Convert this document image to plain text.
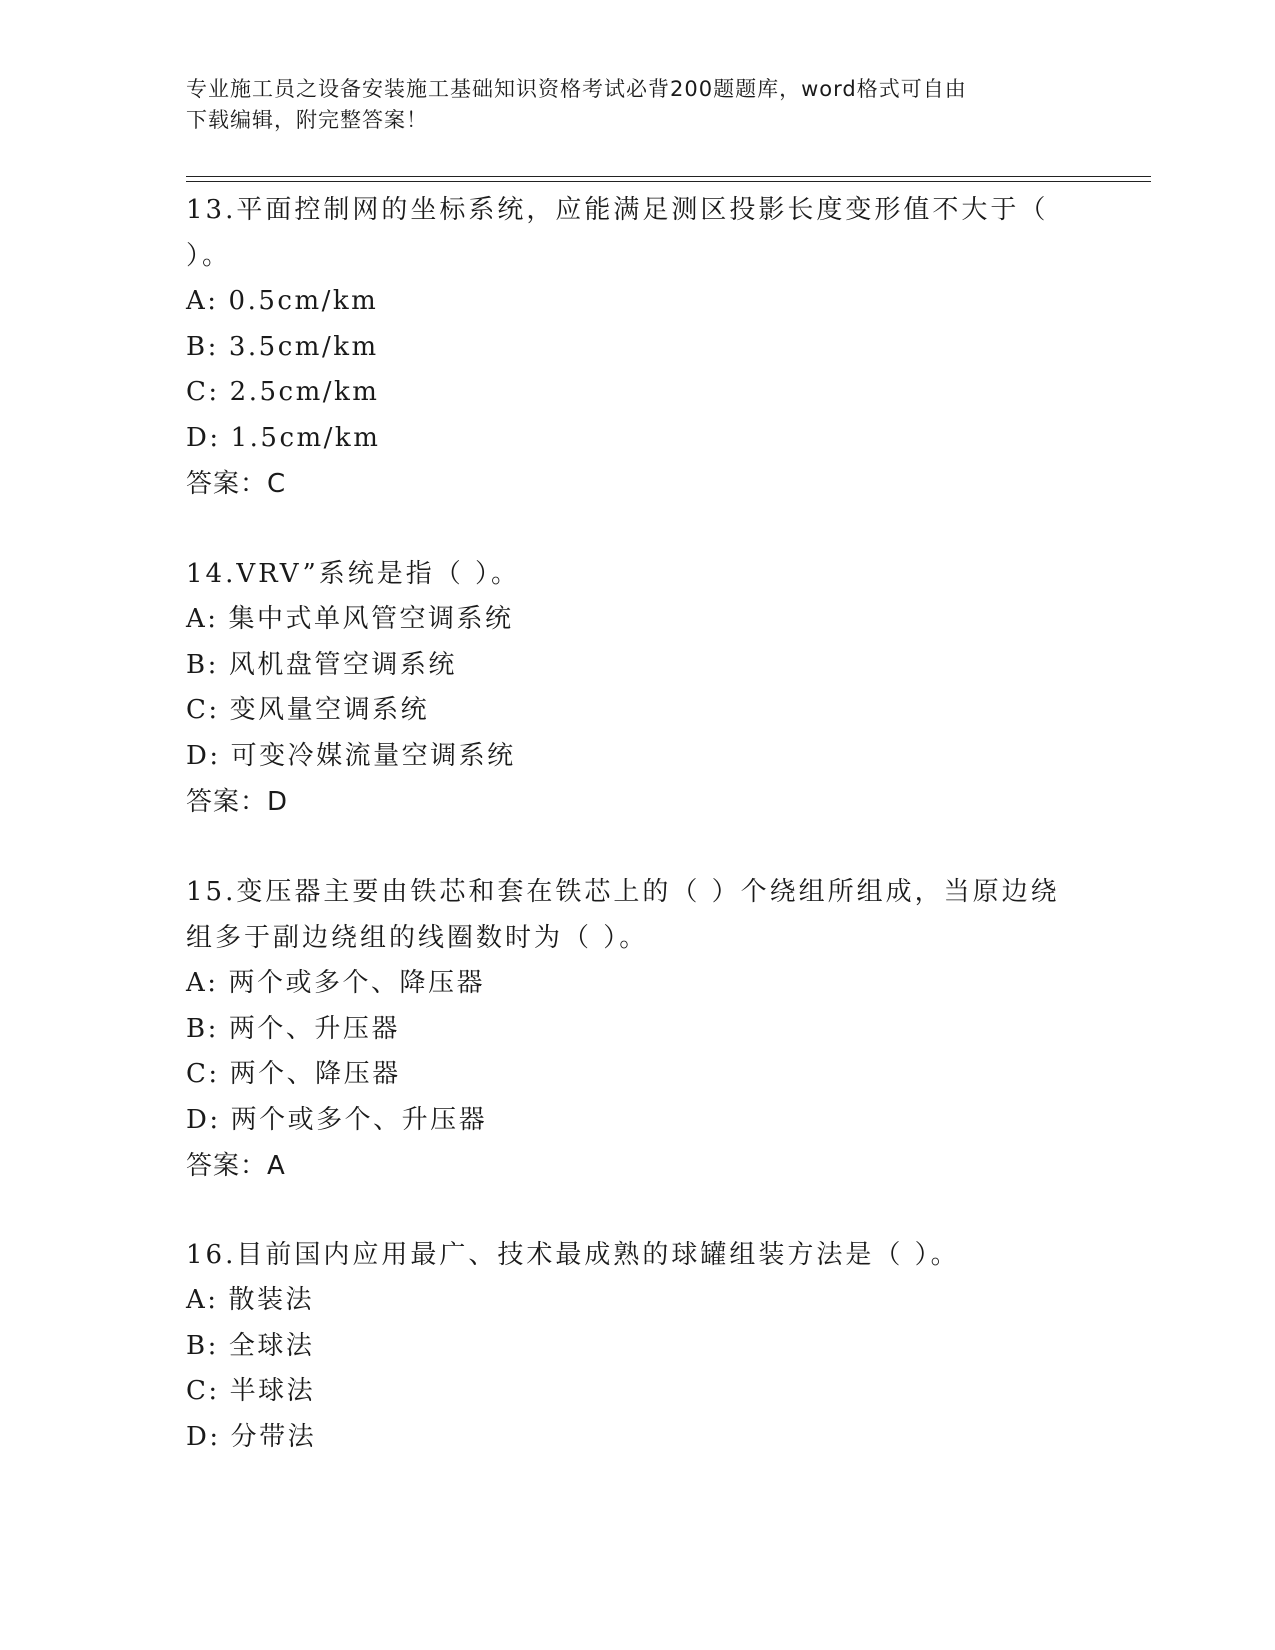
专业施工员之设备安装施工基础知识资格考试必背200题题库，word格式可自由
下载编辑，附完整答案！

13.平面控制网的坐标系统，应能满足测区投影长度变形值不大于（

）。

A: 0.5cm/km

B: 3.5cm/km

C: 2.5cm/km

D: 1.5cm/km

答案：C

14.VRV”系统是指（ ）。

A: 集中式单风管空调系统

B: 风机盘管空调系统

C: 变风量空调系统

D: 可变冷媒流量空调系统

答案：D

15.变压器主要由铁芯和套在铁芯上的（ ）个绕组所组成，当原边绕

组多于副边绕组的线圈数时为（ ）。

A: 两个或多个、降压器

B: 两个、升压器

C: 两个、降压器

D: 两个或多个、升压器

答案：A

16.目前国内应用最广、技术最成熟的球罐组装方法是（ ）。

A: 散装法

B: 全球法

C: 半球法

D: 分带法
